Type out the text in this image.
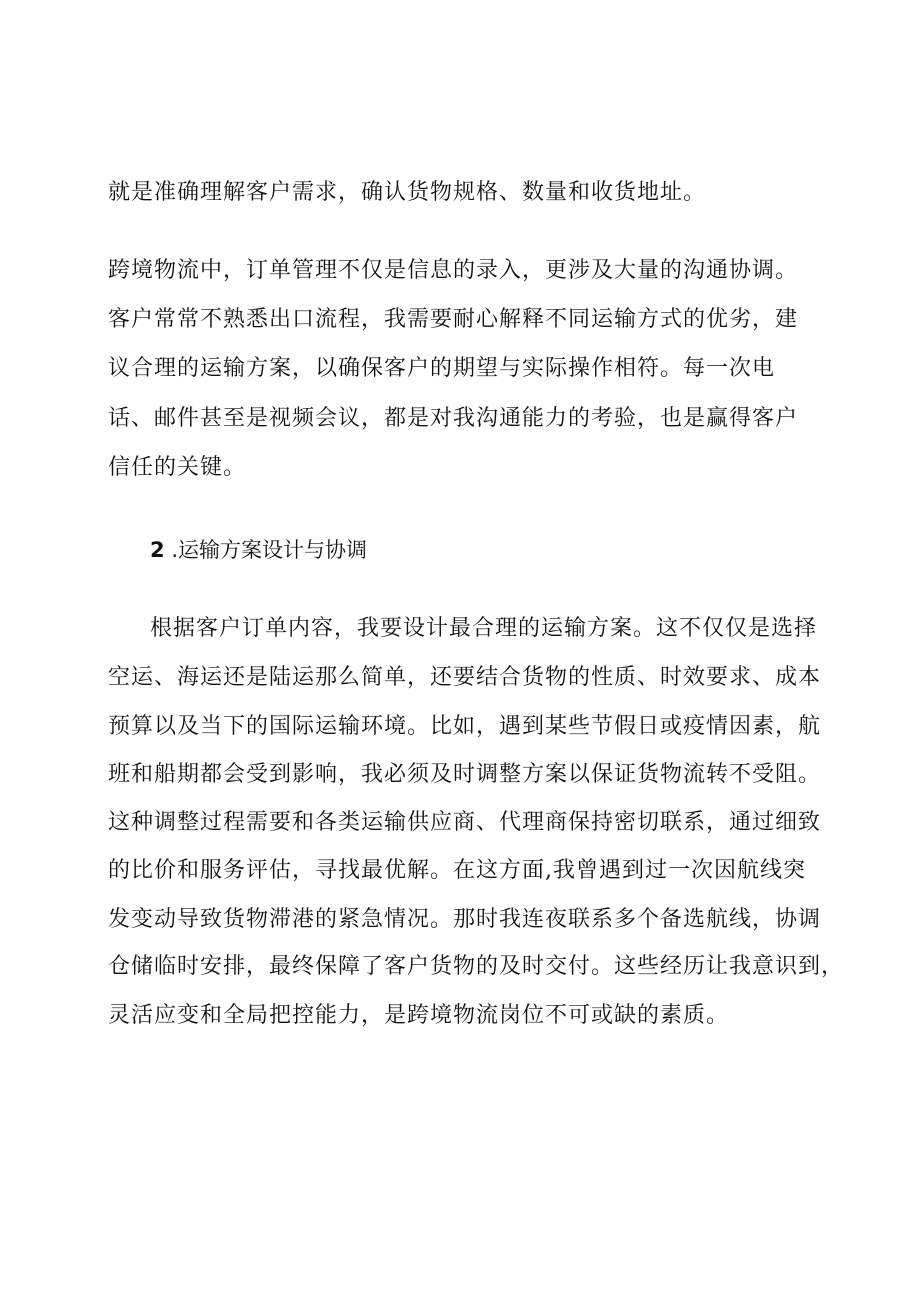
就是准确理解客户需求，确认货物规格、数量和收货地址。
跨境物流中，订单管理不仅是信息的录入，更涉及大量的沟通协调。
客户常常不熟悉出口流程，我需要耐心解释不同运输方式的优劣，建
议合理的运输方案，以确保客户的期望与实际操作相符。每一次电
话、邮件甚至是视频会议，都是对我沟通能力的考验，也是赢得客户
信任的关键。
2 .运输方案设计与协调
根据客户订单内容，我要设计最合理的运输方案。这不仅仅是选择
空运、海运还是陆运那么简单，还要结合货物的性质、时效要求、成本
预算以及当下的国际运输环境。比如，遇到某些节假日或疫情因素，航
班和船期都会受到影响，我必须及时调整方案以保证货物流转不受阻。
这种调整过程需要和各类运输供应商、代理商保持密切联系，通过细致
的比价和服务评估，寻找最优解。在这方面,我曾遇到过一次因航线突
发变动导致货物滞港的紧急情况。那时我连夜联系多个备选航线，协调
仓储临时安排，最终保障了客户货物的及时交付。这些经历让我意识到，
灵活应变和全局把控能力，是跨境物流岗位不可或缺的素质。
